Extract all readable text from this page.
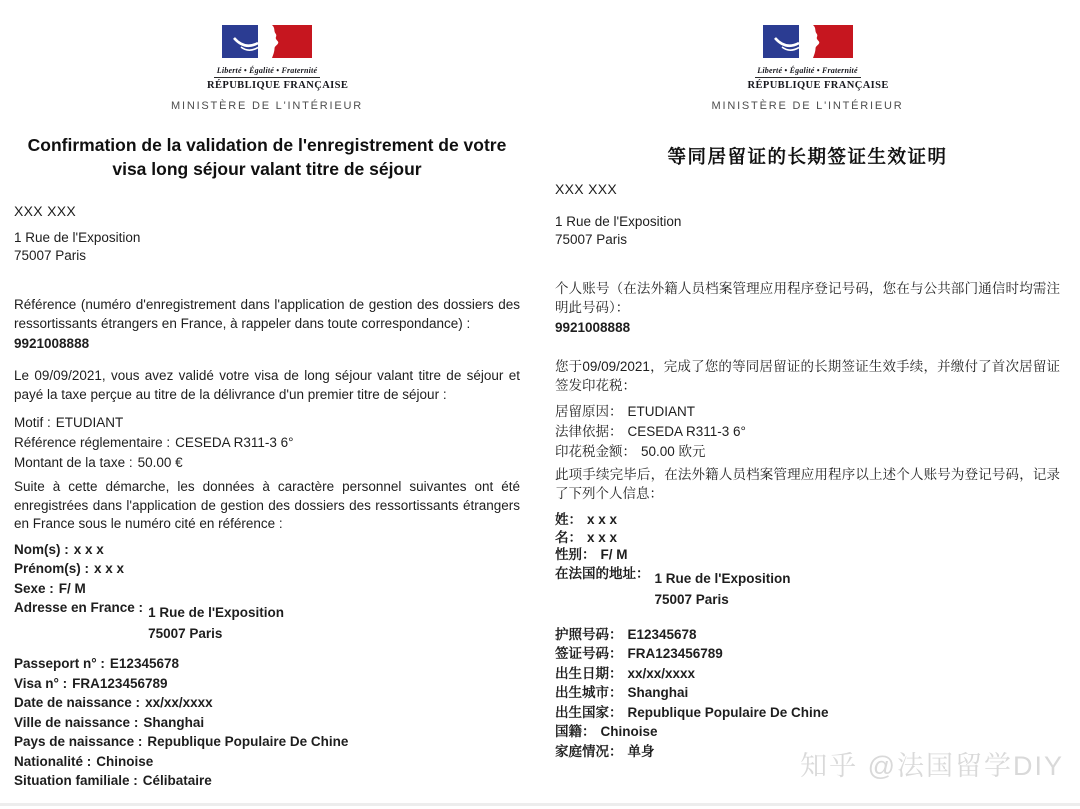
Liberté • Égalité • Fraternité
RÉPUBLIQUE FRANÇAISE
MINISTÈRE DE L'INTÉRIEUR
Confirmation de la validation de l'enregistrement de votre visa long séjour valant titre de séjour
XXX XXX
1 Rue de l'Exposition
75007 Paris
Référence (numéro d'enregistrement dans l'application de gestion des dossiers des ressortissants étrangers en France, à rappeler dans toute correspondance) :
9921008888
Le 09/09/2021, vous avez validé votre visa de long séjour valant titre de séjour et payé la taxe perçue au titre de la délivrance d'un premier titre de séjour :
Motif : ETUDIANT
Référence réglementaire : CESEDA R311-3 6°
Montant de la taxe : 50.00 €
Suite à cette démarche, les données à caractère personnel suivantes ont été enregistrées dans l'application de gestion des dossiers des ressortissants étrangers en France sous le numéro cité en référence :
Nom(s) : x x x
Prénom(s) : x x x
Sexe : F/ M
Adresse en France : 1 Rue de l'Exposition
75007 Paris
Passeport n° : E12345678
Visa n° : FRA123456789
Date de naissance : xx/xx/xxxx
Ville de naissance : Shanghai
Pays de naissance : Republique Populaire De Chine
Nationalité : Chinoise
Situation familiale : Célibataire
Liberté • Égalité • Fraternité
RÉPUBLIQUE FRANÇAISE
MINISTÈRE DE L'INTÉRIEUR
等同居留证的长期签证生效证明
XXX XXX
1 Rue de l'Exposition
75007 Paris
个人账号（在法外籍人员档案管理应用程序登记号码，您在与公共部门通信时均需注明此号码）：
9921008888
您于09/09/2021，完成了您的等同居留证的长期签证生效手续，并缴付了首次居留证签发印花税：
居留原因： ETUDIANT
法律依据： CESEDA R311-3 6°
印花税金额： 50.00 欧元
此项手续完毕后，在法外籍人员档案管理应用程序以上述个人账号为登记号码，记录了下列个人信息：
姓： x x x
名： x x x
性别： F/ M
在法国的地址： 1 Rue de l'Exposition
75007 Paris
护照号码： E12345678
签证号码： FRA123456789
出生日期： xx/xx/xxxx
出生城市： Shanghai
出生国家： Republique Populaire De Chine
国籍： Chinoise
家庭情况： 单身	知乎 @法国留学DIY
